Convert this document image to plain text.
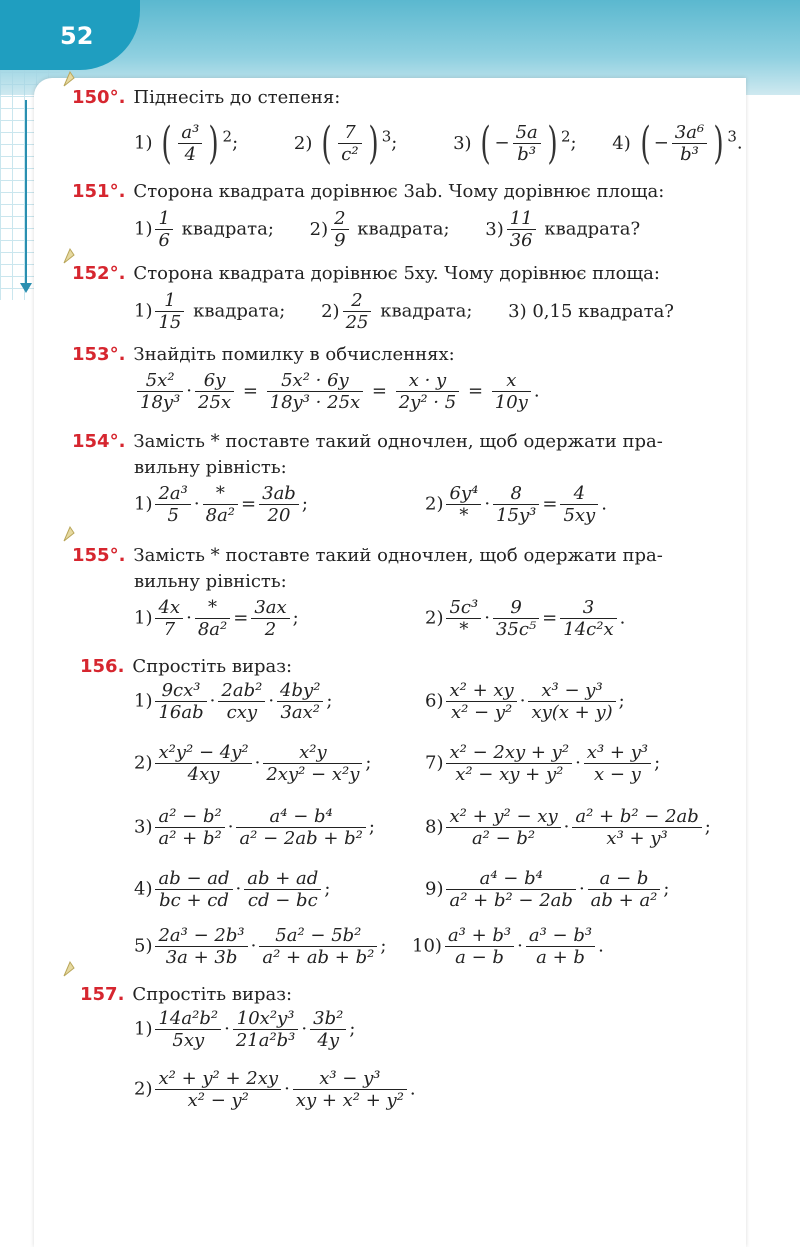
52
150°. Піднесіть до степеня:
1) ( $\frac{\text{a³}}{4}$ ) $^2$;	2) ( $\frac{7}{\text{c²}}$ ) $^3$;	3) ( − $\frac{5a}{\text{b³}}$ ) $^2$; 4) ( − $\frac{\text{3a⁶}}{\text{b³}}$ ) $^3$.
151°. Сторона квадрата дорівнює 3ab. Чому дорівнює площа:
$1) \frac{1}{6}$ квадрата; $2) \frac{2}{9}$ квадрата; $3) \frac{11}{36}$ квадрата?
152°. Сторона квадрата дорівнює 5xy. Чому дорівнює площа:
$1) \frac{1}{15}$ квадрата; $2) \frac{2}{25}$ квадрата; 3) 0,15 квадрата?
153°. Знайдіть помилку в обчисленнях:
$\frac{\text{5x²}}{\text{18y³}} \cdot \frac{6y}{25x} = \frac{\text{5x² · 6y}}{\text{18y³ · 25x}} = \frac{x \cdot y}{\text{2y² · 5}} = \frac{x}{10y}$ .
154°. Замість * поставте такий одночлен, щоб одержати пра-
вильну рівність:
$1) \frac{\text{2a³}}{5} \cdot \frac{*}{\text{8a²}} = \frac{3ab}{20}$ ;	$2) \frac{\text{6y⁴}}{*} \cdot \frac{8}{\text{15y³}} = \frac{4}{5xy}$ .
155°. Замість * поставте такий одночлен, щоб одержати пра-
вильну рівність:
$1) \frac{4x}{7} \cdot \frac{*}{\text{8a²}} = \frac{3ax}{2}$ ;	$2) \frac{\text{5c³}}{*} \cdot \frac{9}{\text{35c⁵}} = \frac{3}{\text{14c²x}}$ .
156. Спростіть вираз:
$1) \frac{\text{9cx³}}{16ab} \cdot \frac{\text{2ab²}}{\text{cxy}} \cdot \frac{\text{4by²}}{\text{3ax²}}$ ;	$6) \frac{\text{x² + xy}}{\text{x² − y²}} \cdot \frac{\text{x³ − y³}}{xy(x + y)}$ ;
$2) \frac{\text{x²y² − 4y²}}{4xy} \cdot \frac{\text{x²y}}{\text{2xy² − x²y}}$ ;	$7) \frac{\text{x² − 2xy + y²}}{\text{x² − xy + y²}} \cdot \frac{\text{x³ + y³}}{x - y}$ ;
$3) \frac{\text{a² − b²}}{\text{a² + b²}} \cdot \frac{\text{a⁴ − b⁴}}{\text{a² − 2ab + b²}}$ ;	$8) \frac{\text{x² + y² − xy}}{\text{a² − b²}} \cdot \frac{\text{a² + b² − 2ab}}{\text{x³ + y³}}$ ;
$4) \frac{ab - ad}{bc + cd} \cdot \frac{ab + ad}{cd - bc}$ ;	$9) \frac{\text{a⁴ − b⁴}}{\text{a² + b² − 2ab}} \cdot \frac{a - b}{\text{ab + a²}}$ ;
$5) \frac{\text{2a³ − 2b³}}{3a + 3b} \cdot \frac{\text{5a² − 5b²}}{\text{a² + ab + b²}}$ ; $10) \frac{\text{a³ + b³}}{a - b} \cdot \frac{\text{a³ − b³}}{a + b}$ .
157. Спростіть вираз:
$1) \frac{\text{14a²b²}}{5xy} \cdot \frac{\text{10x²y³}}{\text{21a²b³}} \cdot \frac{\text{3b²}}{4y}$ ;
$2) \frac{\text{x² + y² + 2xy}}{\text{x² − y²}} \cdot \frac{\text{x³ − y³}}{\text{xy + x² + y²}}$ .
